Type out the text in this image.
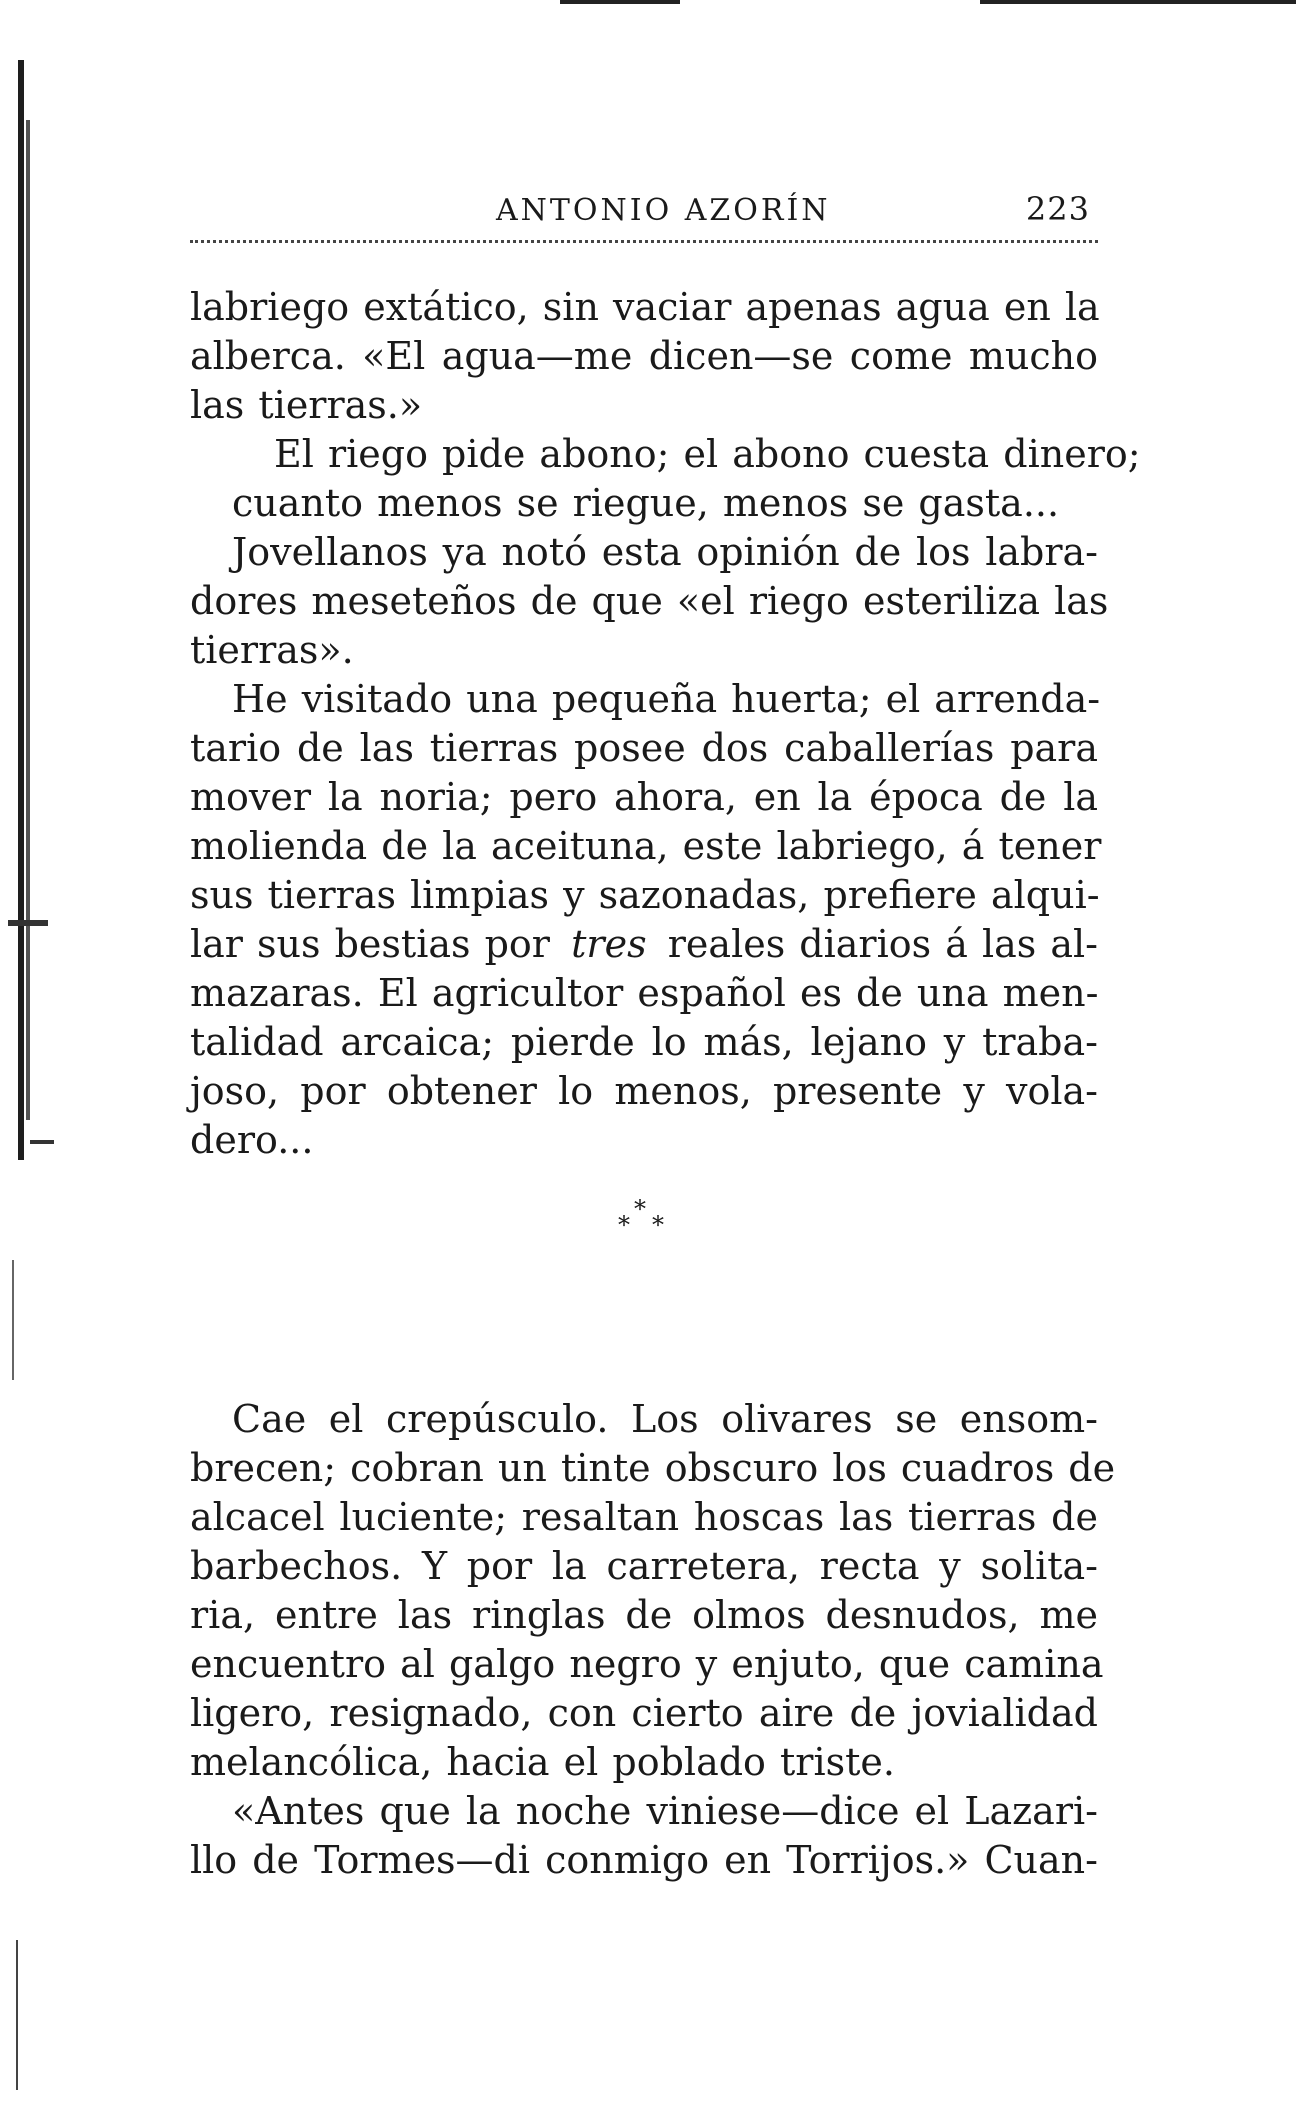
ANTONIO AZORÍN	223

labriego extático, sin vaciar apenas agua en la
alberca. «El agua—me dicen—se come mucho
las tierras.»

El riego pide abono; el abono cuesta dinero;
cuanto menos se riegue, menos se gasta...

Jovellanos ya notó esta opinión de los labra-
dores meseteños de que «el riego esteriliza las
tierras».

He visitado una pequeña huerta; el arrenda-
tario de las tierras posee dos caballerías para
mover la noria; pero ahora, en la época de la
molienda de la aceituna, este labriego, á tener
sus tierras limpias y sazonadas, prefiere alqui-
lar sus bestias por tres reales diarios á las al-
mazaras. El agricultor español es de una men-
talidad arcaica; pierde lo más, lejano y traba-
joso, por obtener lo menos, presente y vola-
dero...

*
* *

Cae el crepúsculo. Los olivares se ensom-
brecen; cobran un tinte obscuro los cuadros de
alcacel luciente; resaltan hoscas las tierras de
barbechos. Y por la carretera, recta y solita-
ria, entre las ringlas de olmos desnudos, me
encuentro al galgo negro y enjuto, que camina
ligero, resignado, con cierto aire de jovialidad
melancólica, hacia el poblado triste.

«Antes que la noche viniese—dice el Lazari-
llo de Tormes—di conmigo en Torrijos.» Cuan-
